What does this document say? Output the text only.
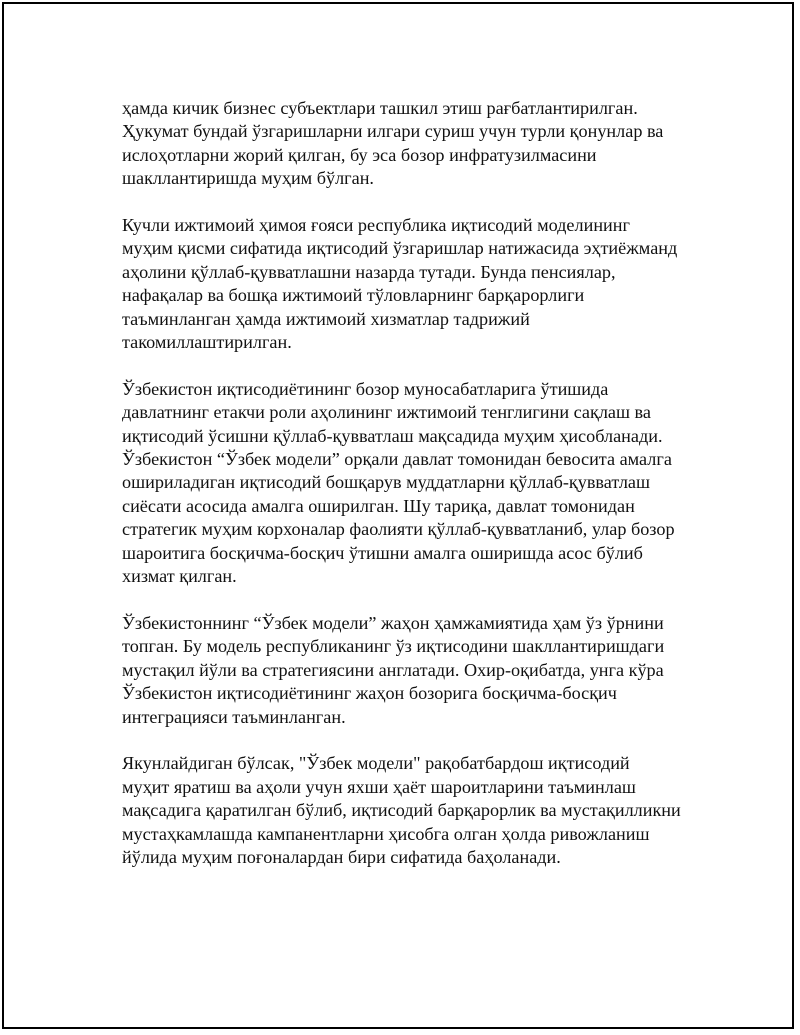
ҳамда кичик бизнес субъектлари ташкил этиш рағбатлантирилган.
Ҳукумат бундай ўзгаришларни илгари суриш учун турли қонунлар ва
ислоҳотларни жорий қилган, бу эса бозор инфратузилмасини
шакллантиришда муҳим бўлган.

Кучли ижтимоий ҳимоя ғояси республика иқтисодий моделининг
муҳим қисми сифатида иқтисодий ўзгаришлар натижасида эҳтиёжманд
аҳолини қўллаб-қувватлашни назарда тутади. Бунда пенсиялар,
нафақалар ва бошқа ижтимоий тўловларнинг барқарорлиги
таъминланган ҳамда ижтимоий хизматлар тадрижий
такомиллаштирилган.

Ўзбекистон иқтисодиётининг бозор муносабатларига ўтишида
давлатнинг етакчи роли аҳолининг ижтимоий тенглигини сақлаш ва
иқтисодий ўсишни қўллаб-қувватлаш мақсадида муҳим ҳисобланади.
Ўзбекистон “Ўзбек модели” орқали давлат томонидан бевосита амалга
ошириладиган иқтисодий бошқарув муддатларни қўллаб-қувватлаш
сиёсати асосида амалга оширилган. Шу тариқа, давлат томонидан
стратегик муҳим корхоналар фаолияти қўллаб-қувватланиб, улар бозор
шароитига босқичма-босқич ўтишни амалга оширишда асос бўлиб
хизмат қилган.

Ўзбекистоннинг “Ўзбек модели” жаҳон ҳамжамиятида ҳам ўз ўрнини
топган. Бу модель республиканинг ўз иқтисодини шакллантиришдаги
мустақил йўли ва стратегиясини англатади. Охир-оқибатда, унга кўра
Ўзбекистон иқтисодиётининг жаҳон бозорига босқичма-босқич
интеграцияси таъминланган.

Якунлайдиган бўлсак, "Ўзбек модели" рақобатбардош иқтисодий
муҳит яратиш ва аҳоли учун яхши ҳаёт шароитларини таъминлаш
мақсадига қаратилган бўлиб, иқтисодий барқарорлик ва мустақилликни
мустаҳкамлашда кампанентларни ҳисобга олган ҳолда ривожланиш
йўлида муҳим поғоналардан бири сифатида баҳоланади.
